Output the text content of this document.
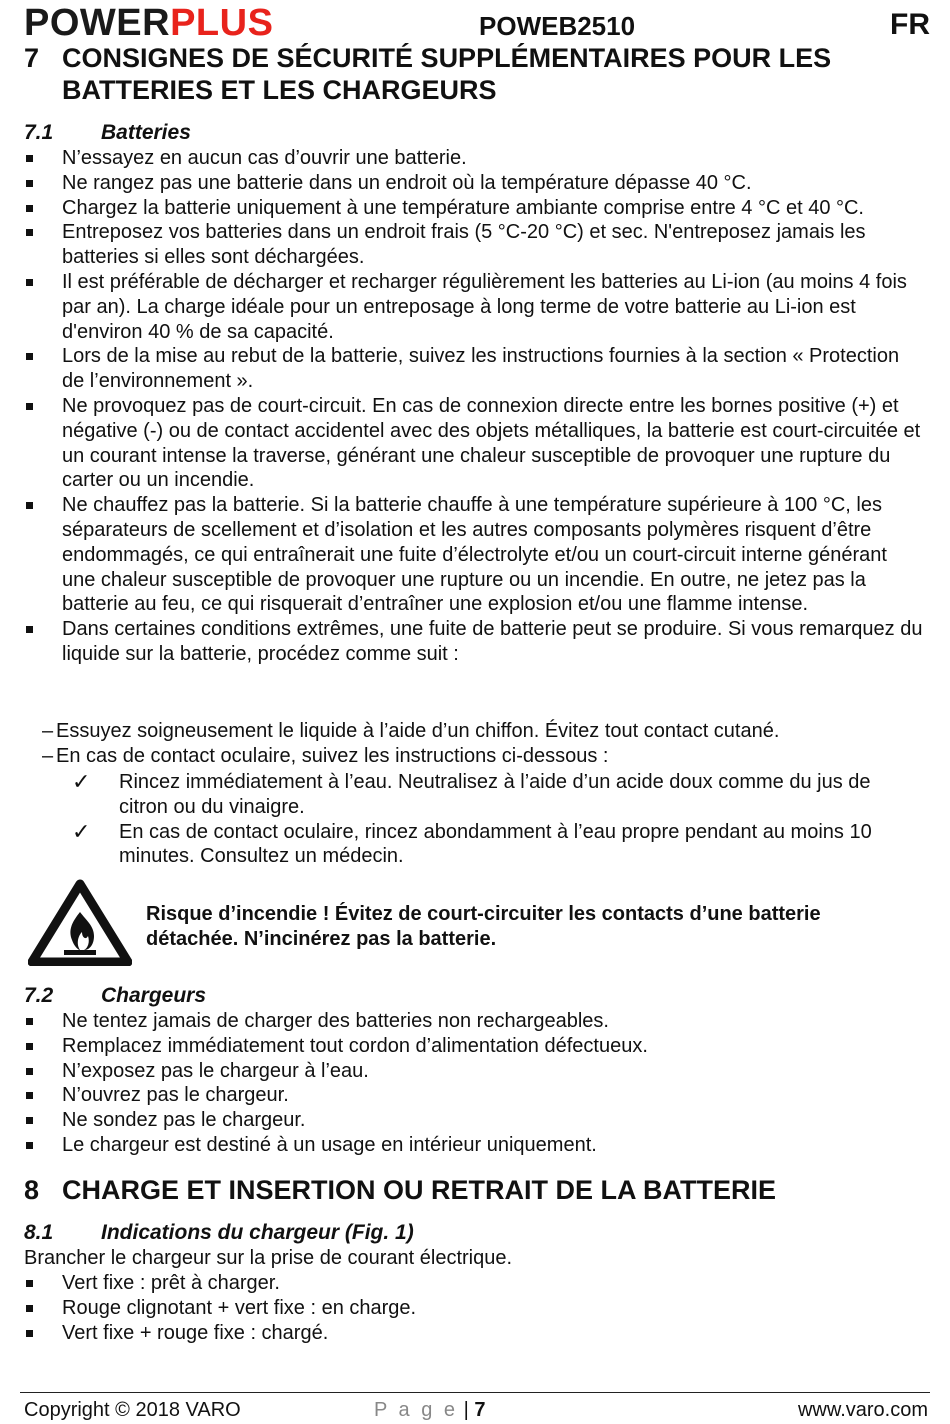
POWERPLUS	POWEB2510	FR
7 CONSIGNES DE SÉCURITÉ SUPPLÉMENTAIRES POUR LES
BATTERIES ET LES CHARGEURS
7.1 Batteries
N’essayez en aucun cas d’ouvrir une batterie.
Ne rangez pas une batterie dans un endroit où la température dépasse 40 °C.
Chargez la batterie uniquement à une température ambiante comprise entre 4 °C et 40 °C.
Entreposez vos batteries dans un endroit frais (5 °C-20 °C) et sec. N'entreposez jamais les batteries si elles sont déchargées.
Il est préférable de décharger et recharger régulièrement les batteries au Li-ion (au moins 4 fois par an). La charge idéale pour un entreposage à long terme de votre batterie au Li-ion est d'environ 40 % de sa capacité.
Lors de la mise au rebut de la batterie, suivez les instructions fournies à la section « Protection de l’environnement ».
Ne provoquez pas de court-circuit. En cas de connexion directe entre les bornes positive (+) et négative (-) ou de contact accidentel avec des objets métalliques, la batterie est court-circuitée et un courant intense la traverse, générant une chaleur susceptible de provoquer une rupture du carter ou un incendie.
Ne chauffez pas la batterie. Si la batterie chauffe à une température supérieure à 100 °C, les séparateurs de scellement et d’isolation et les autres composants polymères risquent d’être endommagés, ce qui entraînerait une fuite d’électrolyte et/ou un court-circuit interne générant une chaleur susceptible de provoquer une rupture ou un incendie. En outre, ne jetez pas la batterie au feu, ce qui risquerait d’entraîner une explosion et/ou une flamme intense.
Dans certaines conditions extrêmes, une fuite de batterie peut se produire. Si vous remarquez du liquide sur la batterie, procédez comme suit :
– Essuyez soigneusement le liquide à l’aide d’un chiffon. Évitez tout contact cutané.
– En cas de contact oculaire, suivez les instructions ci-dessous :
✓ Rincez immédiatement à l’eau. Neutralisez à l’aide d’un acide doux comme du jus de citron ou du vinaigre.
✓ En cas de contact oculaire, rincez abondamment à l’eau propre pendant au moins 10 minutes. Consultez un médecin.
Risque d’incendie ! Évitez de court-circuiter les contacts d’une batterie détachée. N’incinérez pas la batterie.
7.2 Chargeurs
Ne tentez jamais de charger des batteries non rechargeables.
Remplacez immédiatement tout cordon d’alimentation défectueux.
N’exposez pas le chargeur à l’eau.
N’ouvrez pas le chargeur.
Ne sondez pas le chargeur.
Le chargeur est destiné à un usage en intérieur uniquement.
8 CHARGE ET INSERTION OU RETRAIT DE LA BATTERIE
8.1 Indications du chargeur (Fig. 1)
Brancher le chargeur sur la prise de courant électrique.
Vert fixe : prêt à charger.
Rouge clignotant + vert fixe : en charge.
Vert fixe + rouge fixe : chargé.
Copyright © 2018 VARO	P a g e | 7	www.varo.com
